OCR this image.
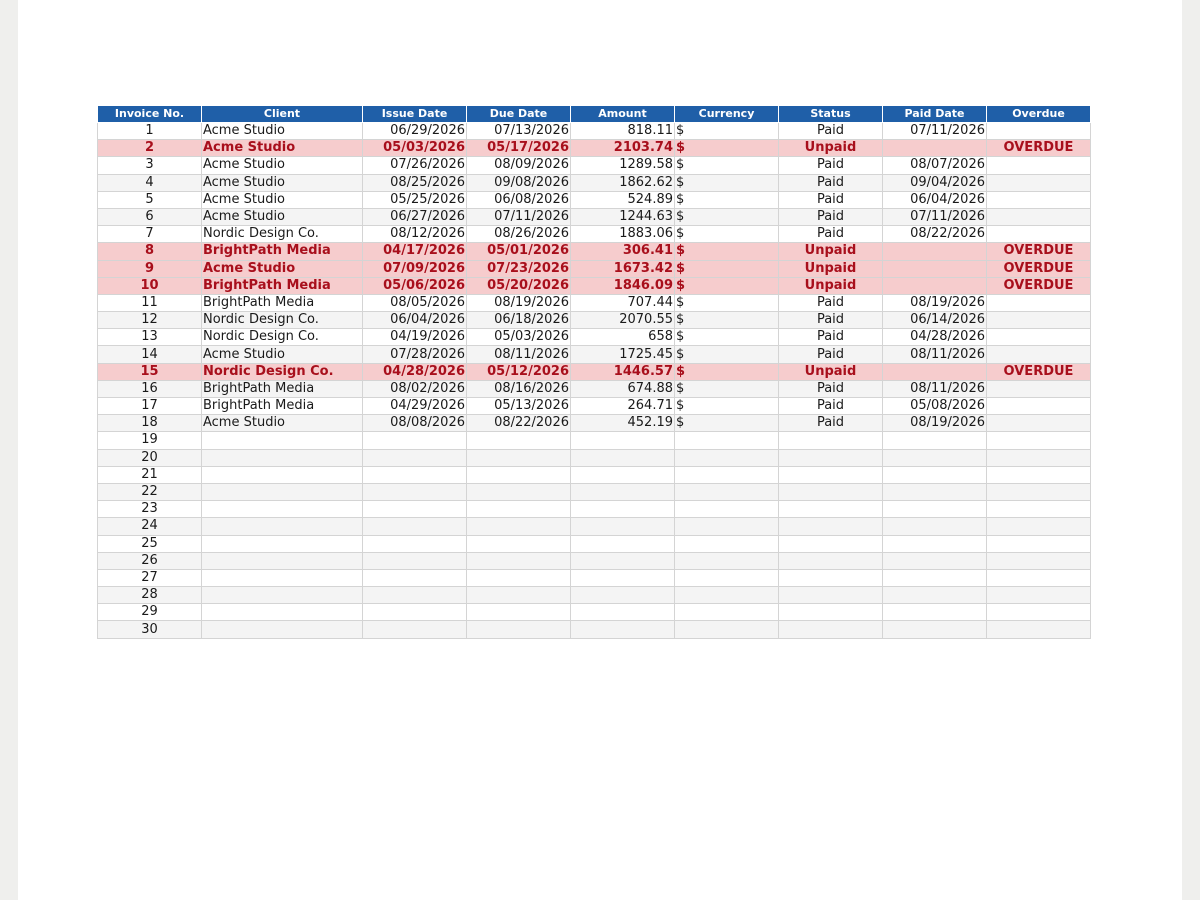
Invoice No.	Client	Issue Date	Due Date	Amount	Currency	Status	Paid Date	Overdue
1	Acme Studio	06/29/2026	07/13/2026	818.11	$	Paid	07/11/2026	
2	Acme Studio	05/03/2026	05/17/2026	2103.74	$	Unpaid		OVERDUE
3	Acme Studio	07/26/2026	08/09/2026	1289.58	$	Paid	08/07/2026	
4	Acme Studio	08/25/2026	09/08/2026	1862.62	$	Paid	09/04/2026	
5	Acme Studio	05/25/2026	06/08/2026	524.89	$	Paid	06/04/2026	
6	Acme Studio	06/27/2026	07/11/2026	1244.63	$	Paid	07/11/2026	
7	Nordic Design Co.	08/12/2026	08/26/2026	1883.06	$	Paid	08/22/2026	
8	BrightPath Media	04/17/2026	05/01/2026	306.41	$	Unpaid		OVERDUE
9	Acme Studio	07/09/2026	07/23/2026	1673.42	$	Unpaid		OVERDUE
10	BrightPath Media	05/06/2026	05/20/2026	1846.09	$	Unpaid		OVERDUE
11	BrightPath Media	08/05/2026	08/19/2026	707.44	$	Paid	08/19/2026	
12	Nordic Design Co.	06/04/2026	06/18/2026	2070.55	$	Paid	06/14/2026	
13	Nordic Design Co.	04/19/2026	05/03/2026	658	$	Paid	04/28/2026	
14	Acme Studio	07/28/2026	08/11/2026	1725.45	$	Paid	08/11/2026	
15	Nordic Design Co.	04/28/2026	05/12/2026	1446.57	$	Unpaid		OVERDUE
16	BrightPath Media	08/02/2026	08/16/2026	674.88	$	Paid	08/11/2026	
17	BrightPath Media	04/29/2026	05/13/2026	264.71	$	Paid	05/08/2026	
18	Acme Studio	08/08/2026	08/22/2026	452.19	$	Paid	08/19/2026	
19								
20								
21								
22								
23								
24								
25								
26								
27								
28								
29								
30								
